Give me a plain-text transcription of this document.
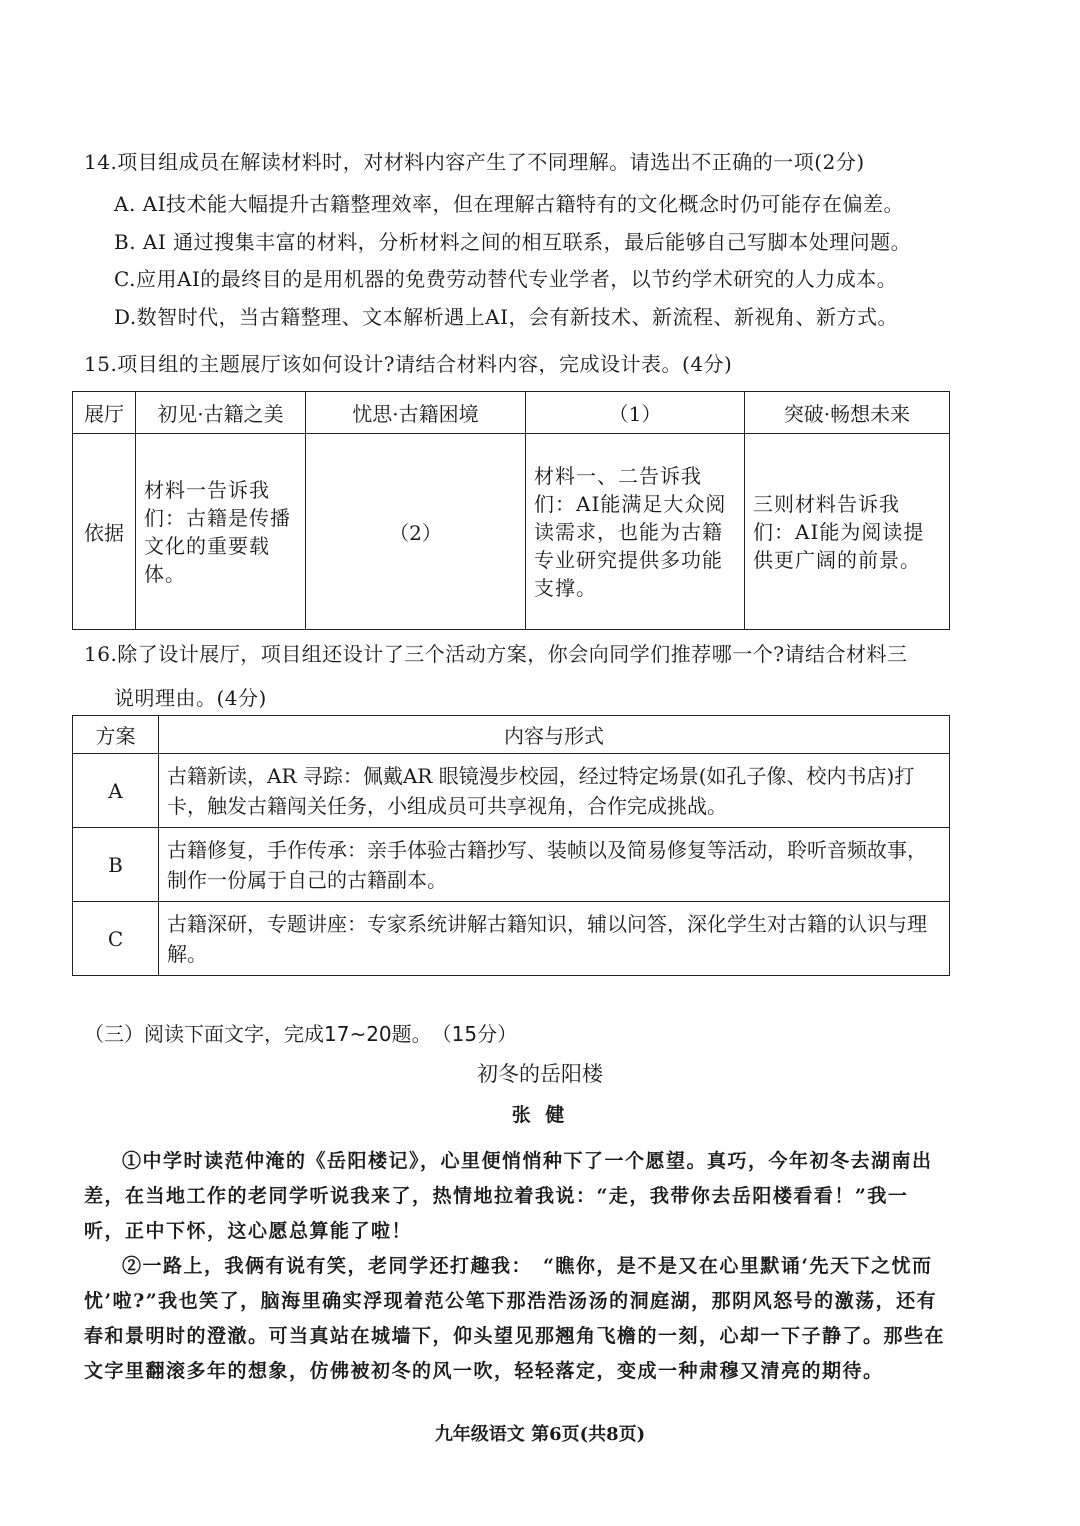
14.项目组成员在解读材料时，对材料内容产生了不同理解。请选出不正确的一项(2分)
A. AI技术能大幅提升古籍整理效率，但在理解古籍特有的文化概念时仍可能存在偏差。
B. AI 通过搜集丰富的材料，分析材料之间的相互联系，最后能够自己写脚本处理问题。
C.应用AI的最终目的是用机器的免费劳动替代专业学者，以节约学术研究的人力成本。
D.数智时代，当古籍整理、文本解析遇上AI，会有新技术、新流程、新视角、新方式。
15.项目组的主题展厅该如何设计?请结合材料内容，完成设计表。(4分)
展厅	初见·古籍之美	忧思·古籍困境	（1）	突破·畅想未来
依据	材料一告诉我们：古籍是传播文化的重要载体。	（2）	材料一、二告诉我们：AI能满足大众阅读需求，也能为古籍专业研究提供多功能支撑。	三则材料告诉我们：AI能为阅读提供更广阔的前景。
16.除了设计展厅，项目组还设计了三个活动方案，你会向同学们推荐哪一个?请结合材料三
说明理由。(4分)
方案	内容与形式
A	古籍新读，AR 寻踪：佩戴AR 眼镜漫步校园，经过特定场景(如孔子像、校内书店)打卡，触发古籍闯关任务，小组成员可共享视角，合作完成挑战。
B	古籍修复，手作传承：亲手体验古籍抄写、装帧以及简易修复等活动，聆听音频故事，制作一份属于自己的古籍副本。
C	古籍深研，专题讲座：专家系统讲解古籍知识，辅以问答，深化学生对古籍的认识与理解。
（三）阅读下面文字，完成17~20题。　（15分）
初冬的岳阳楼
张 健
①中学时读范仲淹的《岳阳楼记》，心里便悄悄种下了一个愿望。真巧，今年初冬去湖南出差，在当地工作的老同学听说我来了，热情地拉着我说：“走，我带你去岳阳楼看看！”我一听，正中下怀，这心愿总算能了啦！
②一路上，我俩有说有笑，老同学还打趣我：　“瞧你，是不是又在心里默诵‘先天下之忧而忧’啦?”我也笑了，脑海里确实浮现着范公笔下那浩浩汤汤的洞庭湖，那阴风怒号的激荡，还有春和景明时的澄澈。可当真站在城墙下，仰头望见那翘角飞檐的一刻，心却一下子静了。那些在文字里翻滚多年的想象，仿佛被初冬的风一吹，轻轻落定，变成一种肃穆又清亮的期待。
九年级语文 第6页(共8页)
